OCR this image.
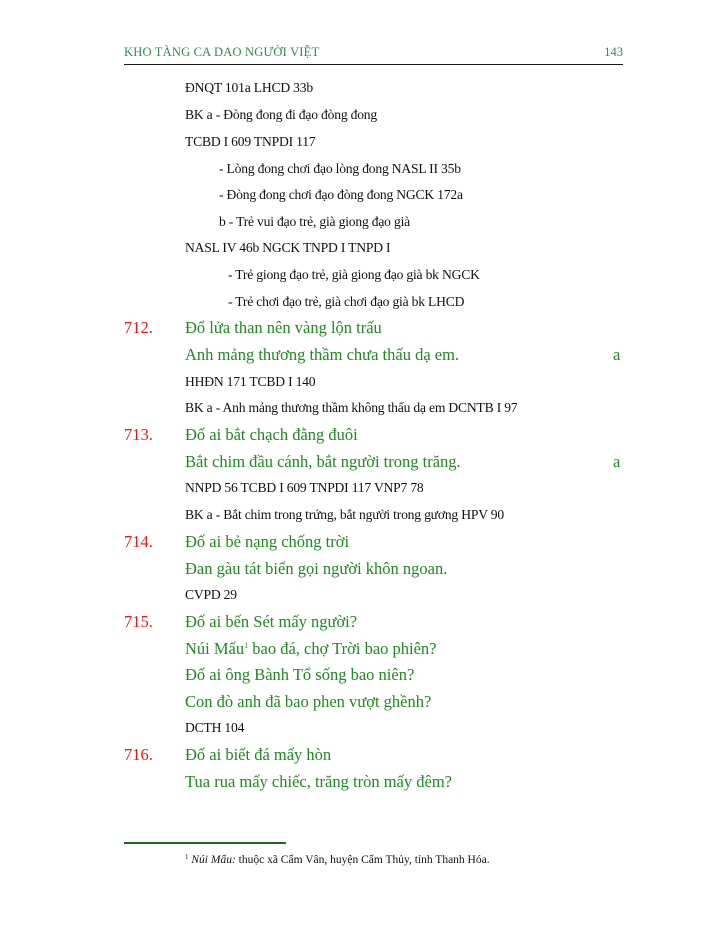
KHO TÀNG CA DAO NGƯỜI VIỆT	143
ĐNQT 101a LHCD 33b
BK a - Đòng đong đi đạo đòng đong
TCBD I 609 TNPDI 117
- Lòng đong chơi đạo lòng đong NASL II 35b
- Đòng đong chơi đạo đòng đong NGCK 172a
b - Trẻ vui đạo trẻ, già giong đạo già
NASL IV 46b NGCK TNPD I TNPD I
- Trẻ giong đạo trẻ, già giong đạo già bk NGCK
- Trẻ chơi đạo trẻ, già chơi đạo già bk LHCD
712. Đổ lửa than nên vàng lộn trấu
Anh mảng thương thầm chưa thấu dạ em.	a
HHĐN 171 TCBD I 140
BK a - Anh mảng thương thầm không thấu dạ em DCNTB I 97
713. Đố ai bắt chạch đằng đuôi
Bắt chim đầu cánh, bắt người trong trăng.	a
NNPD 56 TCBD I 609 TNPDI 117 VNP7 78
BK a - Bắt chim trong trứng, bắt người trong gương HPV 90
714. Đố ai bẻ nạng chống trời
Đan gàu tát biển gọi người khôn ngoan.
CVPD 29
715. Đố ai bến Sét mấy người?
Núi Mẩu$^1$ bao đá, chợ Trời bao phiên?
Đố ai ông Bành Tổ sống bao niên?
Con đò anh đã bao phen vượt ghềnh?
DCTH 104
716. Đố ai biết đá mấy hòn
Tua rua mấy chiếc, trăng tròn mấy đêm?
$^1$ Núi Mẩu: thuộc xã Cẩm Vân, huyện Cẩm Thủy, tỉnh Thanh Hóa.
